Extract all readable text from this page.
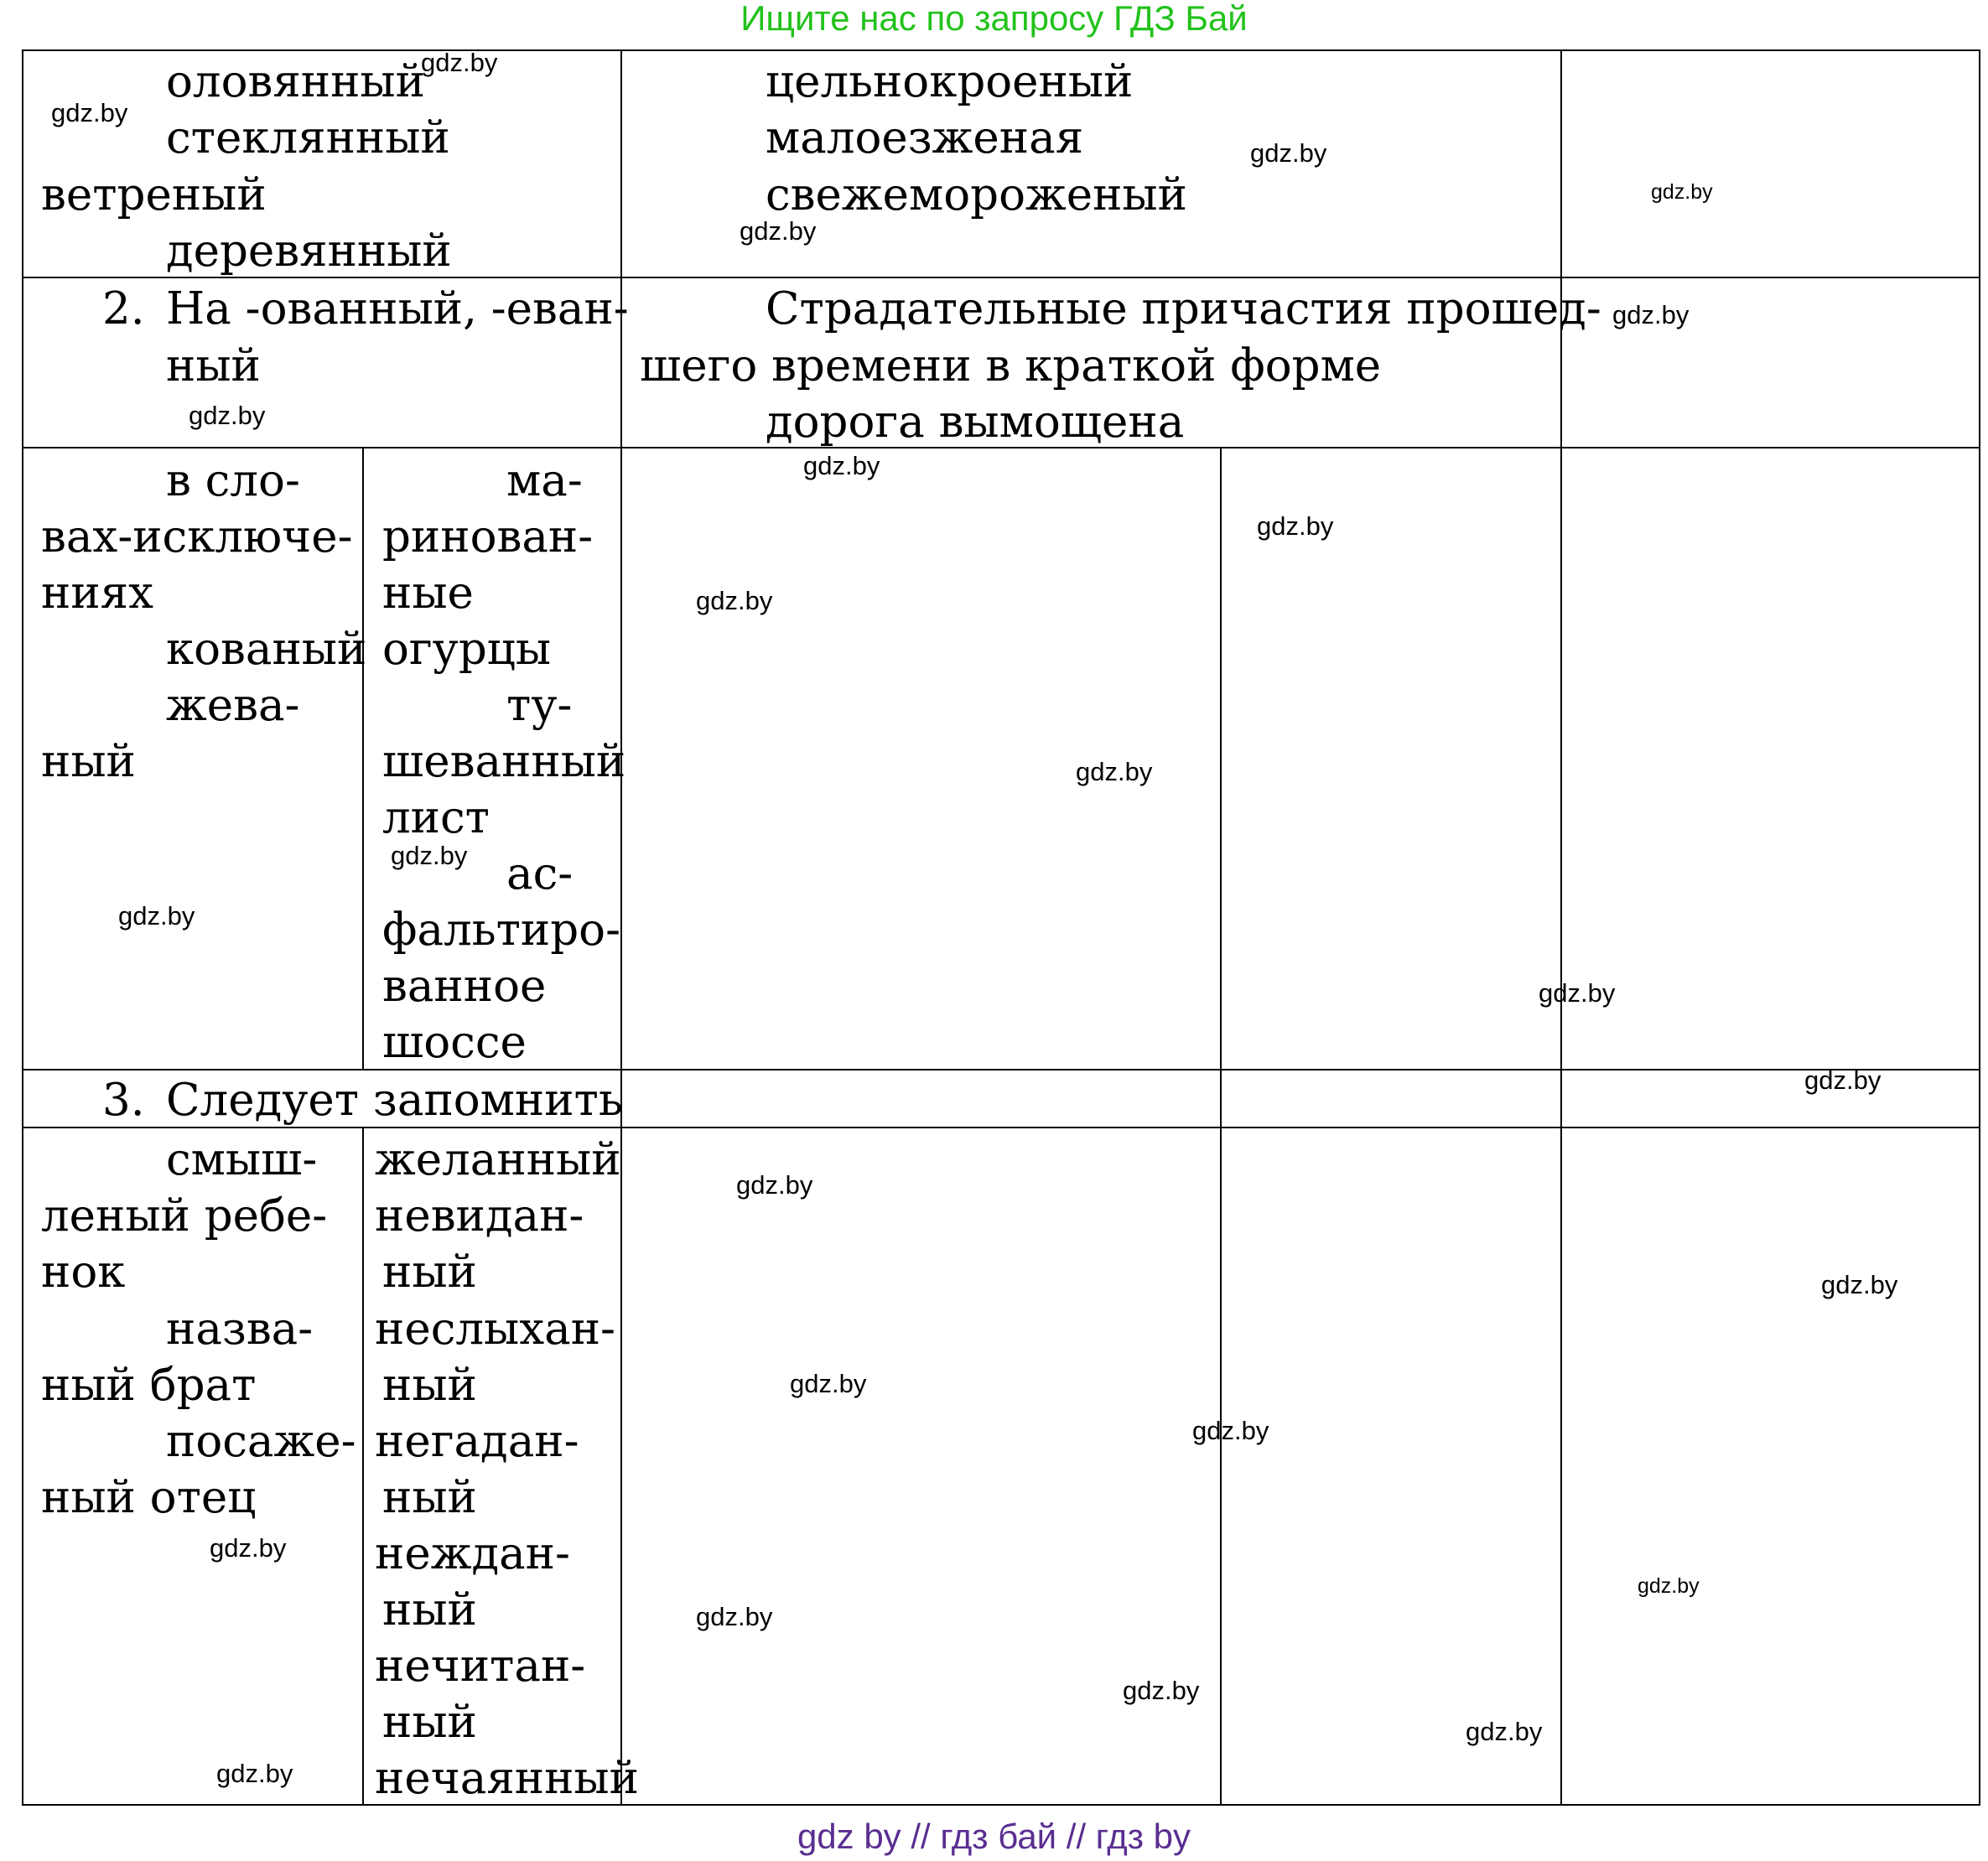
Ищите нас по запросу ГДЗ Бай
оловянный
стеклянный
ветреный
деревянный
цельнокроеный
малоезженая
свежемороженый
2. На -ованный, -еван-
ный
Страдательные причастия прошед-
шего времени в краткой форме
дорога вымощена
в сло-
вах-исключе-
ниях
кованый
жева-
ный
ма-
ринован-
ные
огурцы
ту-
шеванный
лист
ас-
фальтиро-
ванное
шоссе
3. Следует запомнить
смыш-
леный ребе-
нок
назва-
ный брат
посаже-
ный отец
желанный
невидан-
ный
неслыхан-
ный
негадан-
ный
неждан-
ный
нечитан-
ный
нечаянный
gdz.by
gdz.by
gdz.by
gdz.by
gdz.by
gdz.by
gdz.by
gdz.by
gdz.by
gdz.by
gdz.by
gdz.by
gdz.by
gdz.by
gdz.by
gdz.by
gdz.by
gdz.by
gdz.by
gdz.by
gdz.by
gdz.by
gdz.by
gdz.by
gdz.by
gdz by // гдз бай // гдз by
